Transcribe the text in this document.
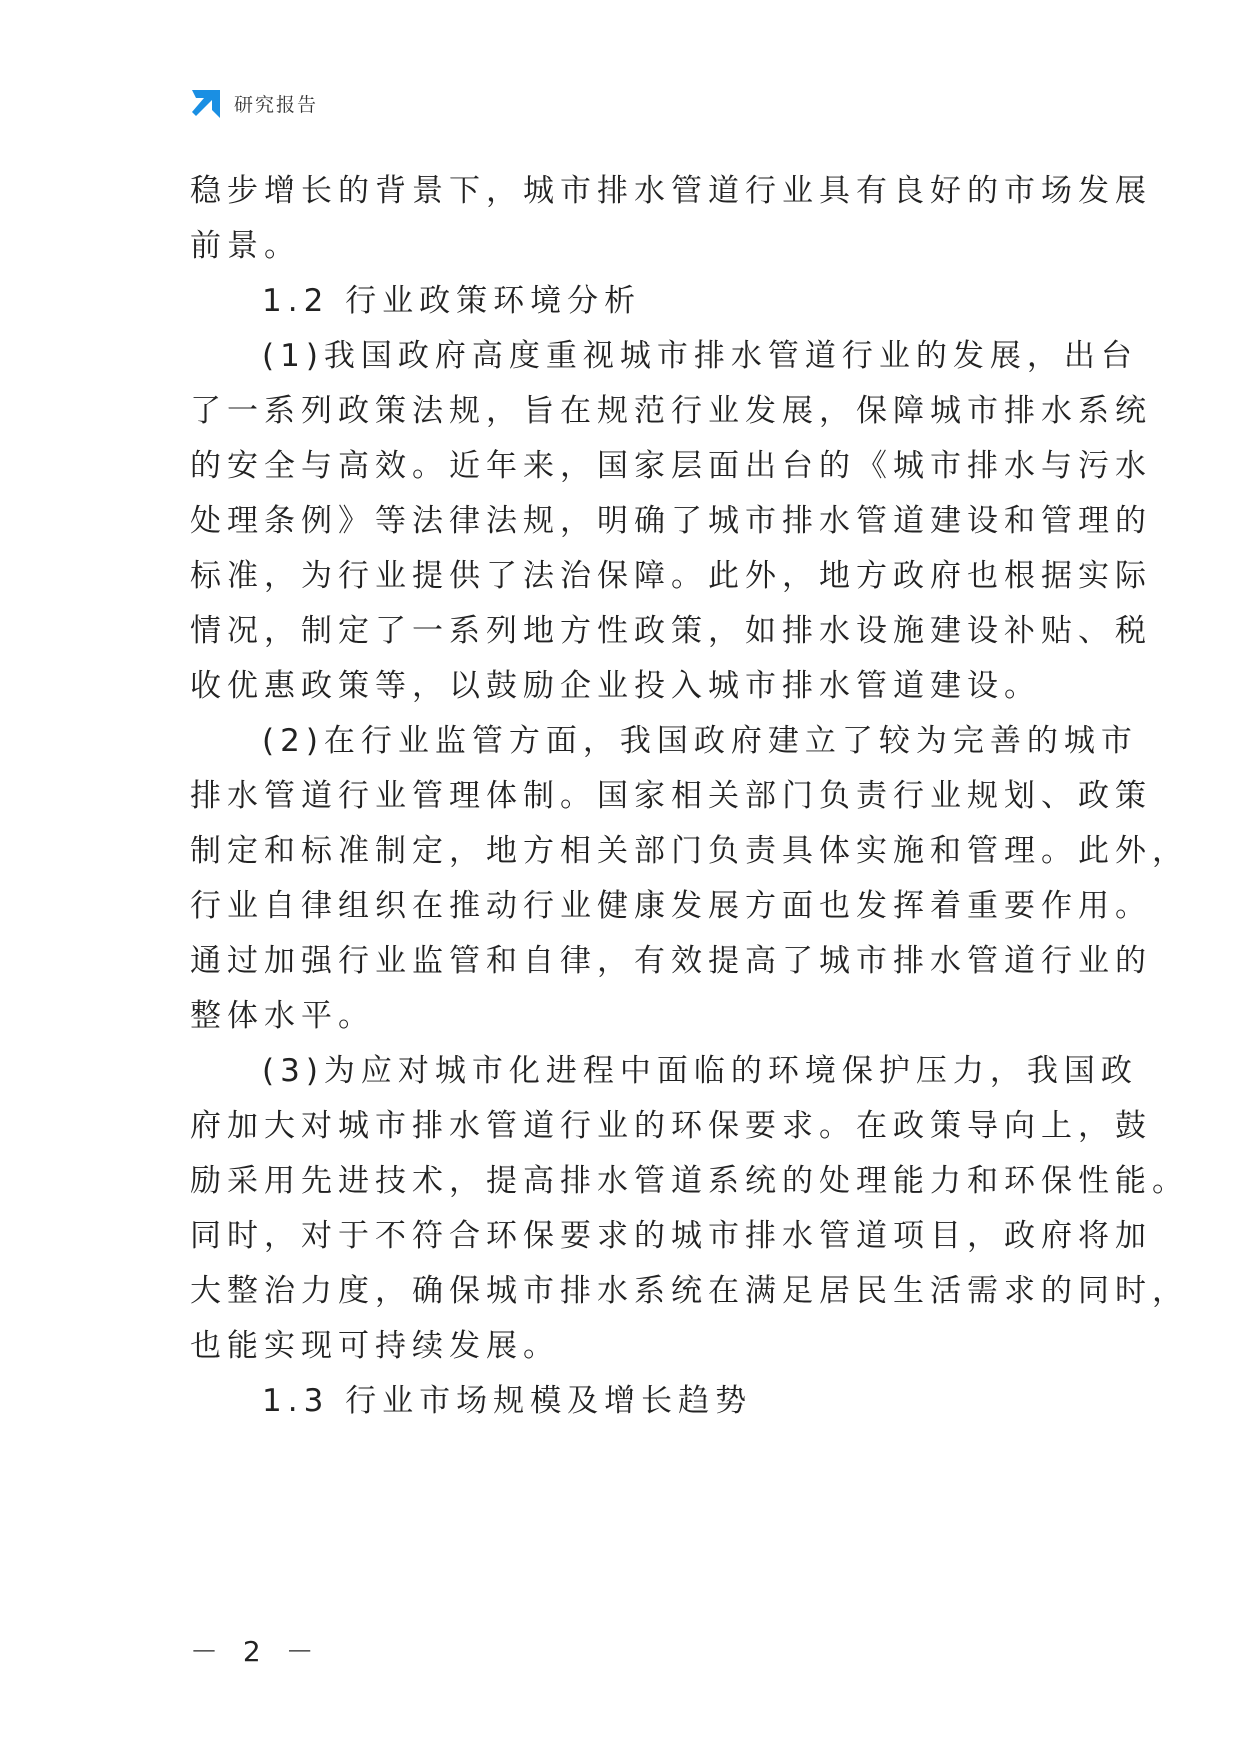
研究报告
稳步增长的背景下，城市排水管道行业具有良好的市场发展
前景。
1.2 行业政策环境分析
(1)我国政府高度重视城市排水管道行业的发展，出台
了一系列政策法规，旨在规范行业发展，保障城市排水系统
的安全与高效。近年来，国家层面出台的《城市排水与污水
处理条例》等法律法规，明确了城市排水管道建设和管理的
标准，为行业提供了法治保障。此外，地方政府也根据实际
情况，制定了一系列地方性政策，如排水设施建设补贴、税
收优惠政策等，以鼓励企业投入城市排水管道建设。
(2)在行业监管方面，我国政府建立了较为完善的城市
排水管道行业管理体制。国家相关部门负责行业规划、政策
制定和标准制定，地方相关部门负责具体实施和管理。此外，
行业自律组织在推动行业健康发展方面也发挥着重要作用。
通过加强行业监管和自律，有效提高了城市排水管道行业的
整体水平。
(3)为应对城市化进程中面临的环境保护压力，我国政
府加大对城市排水管道行业的环保要求。在政策导向上，鼓
励采用先进技术，提高排水管道系统的处理能力和环保性能。
同时，对于不符合环保要求的城市排水管道项目，政府将加
大整治力度，确保城市排水系统在满足居民生活需求的同时，
也能实现可持续发展。
1.3 行业市场规模及增长趋势
－ 2 －
